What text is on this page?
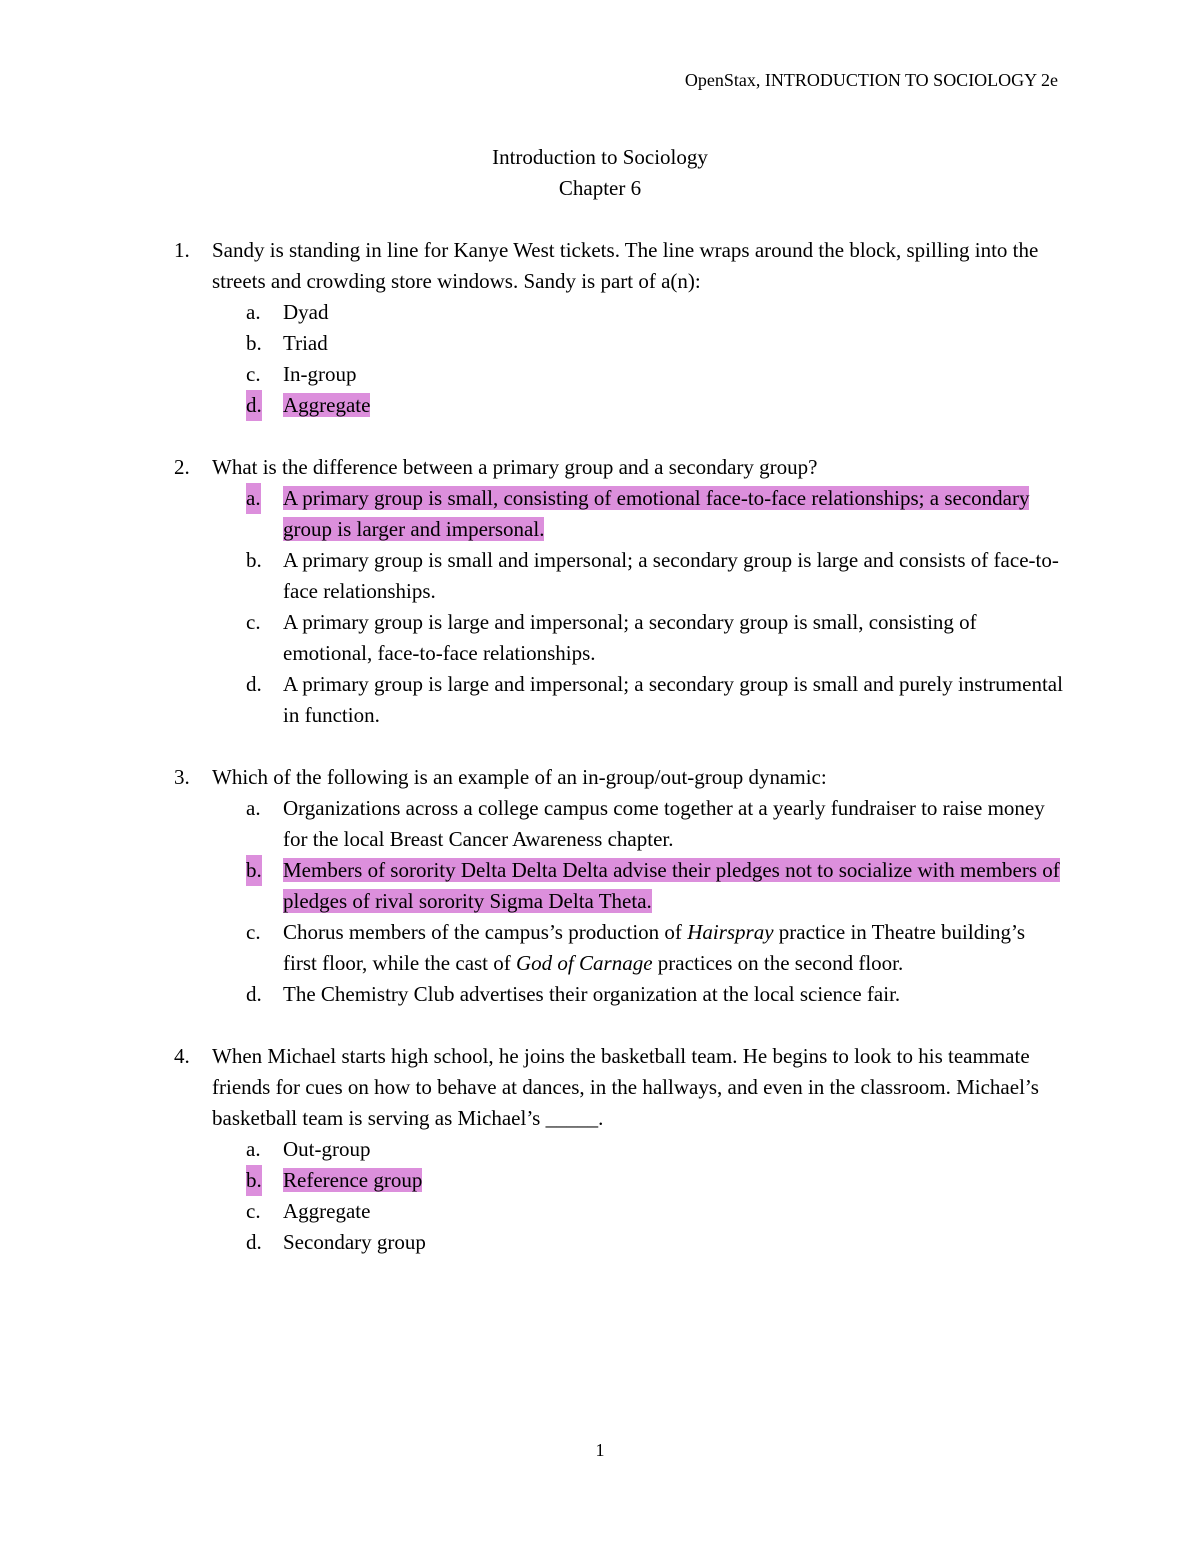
OpenStax, INTRODUCTION TO SOCIOLOGY 2e
Introduction to Sociology
Chapter 6
1. Sandy is standing in line for Kanye West tickets. The line wraps around the block, spilling into the streets and crowding store windows. Sandy is part of a(n):
a. Dyad
b. Triad
c. In-group
d. Aggregate
2. What is the difference between a primary group and a secondary group?
a. A primary group is small, consisting of emotional face-to-face relationships; a secondary group is larger and impersonal.
b. A primary group is small and impersonal; a secondary group is large and consists of face-to-face relationships.
c. A primary group is large and impersonal; a secondary group is small, consisting of emotional, face-to-face relationships.
d. A primary group is large and impersonal; a secondary group is small and purely instrumental in function.
3. Which of the following is an example of an in-group/out-group dynamic:
a. Organizations across a college campus come together at a yearly fundraiser to raise money for the local Breast Cancer Awareness chapter.
b. Members of sorority Delta Delta Delta advise their pledges not to socialize with members of pledges of rival sorority Sigma Delta Theta.
c. Chorus members of the campus’s production of Hairspray practice in Theatre building’s first floor, while the cast of God of Carnage practices on the second floor.
d. The Chemistry Club advertises their organization at the local science fair.
4. When Michael starts high school, he joins the basketball team. He begins to look to his teammate friends for cues on how to behave at dances, in the hallways, and even in the classroom. Michael’s basketball team is serving as Michael’s _____.
a. Out-group
b. Reference group
c. Aggregate
d. Secondary group
1
